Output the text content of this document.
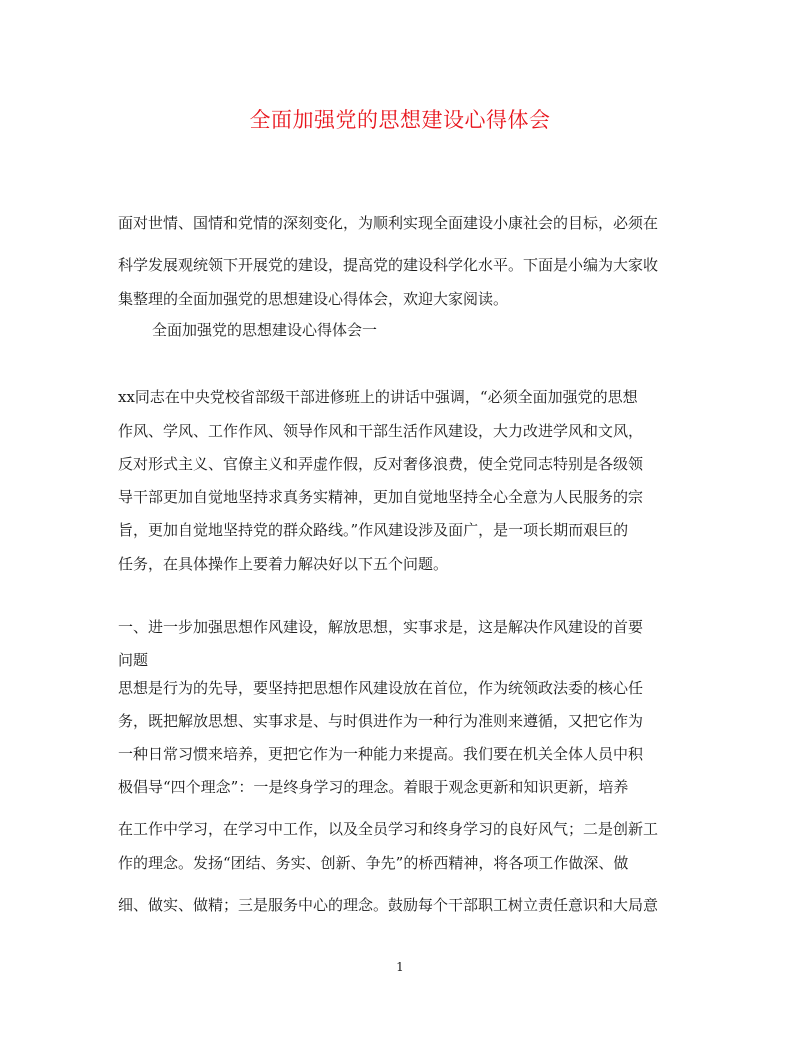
全面加强党的思想建设心得体会
面对世情、国情和党情的深刻变化，为顺利实现全面建设小康社会的目标，必须在
科学发展观统领下开展党的建设，提高党的建设科学化水平。下面是小编为大家收
集整理的全面加强党的思想建设心得体会，欢迎大家阅读。
全面加强党的思想建设心得体会一
xx同志在中央党校省部级干部进修班上的讲话中强调，“必须全面加强党的思想
作风、学风、工作作风、领导作风和干部生活作风建设，大力改进学风和文风，
反对形式主义、官僚主义和弄虚作假，反对奢侈浪费，使全党同志特别是各级领
导干部更加自觉地坚持求真务实精神，更加自觉地坚持全心全意为人民服务的宗
旨，更加自觉地坚持党的群众路线。”作风建设涉及面广，是一项长期而艰巨的
任务，在具体操作上要着力解决好以下五个问题。
一、进一步加强思想作风建设，解放思想，实事求是，这是解决作风建设的首要
问题
思想是行为的先导，要坚持把思想作风建设放在首位，作为统领政法委的核心任
务，既把解放思想、实事求是、与时俱进作为一种行为准则来遵循，又把它作为
一种日常习惯来培养，更把它作为一种能力来提高。我们要在机关全体人员中积
极倡导“四个理念”：一是终身学习的理念。着眼于观念更新和知识更新，培养
在工作中学习，在学习中工作，以及全员学习和终身学习的良好风气；二是创新工
作的理念。发扬“团结、务实、创新、争先”的桥西精神，将各项工作做深、做
细、做实、做精；三是服务中心的理念。鼓励每个干部职工树立责任意识和大局意
1
